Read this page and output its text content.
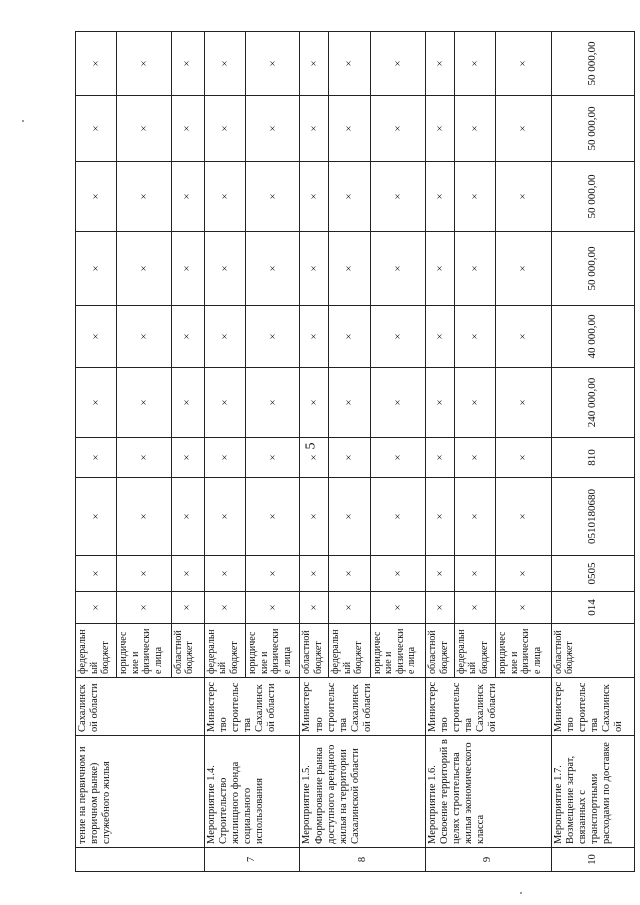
5
	тение на первичном и вторичном рынке) служебного жилья	Сахалинской области	федеральный бюджет	×	×	×	×	×	×	×	×	×	×
			юридические и физические лица	×	×	×	×	×	×	×	×	×	×
			областной бюджет	×	×	×	×	×	×	×	×	×	×
7	Мероприятие 1.4. Строительство жилищного фонда социального использования	Министерство строительства Сахалинской области	федеральный бюджет	×	×	×	×	×	×	×	×	×	×
			юридические и физические лица	×	×	×	×	×	×	×	×	×	×
8	Мероприятие 1.5. Формирование рынка доступного арендного жилья на территории Сахалинской области	Министерство строительства Сахалинской области	областной бюджет	×	×	×	×	×	×	×	×	×	×
			федеральный бюджет	×	×	×	×	×	×	×	×	×	×
			юридические и физические лица	×	×	×	×	×	×	×	×	×	×
9	Мероприятие 1.6. Освоение территорий в целях строительства жилья экономического класса	Министерство строительства Сахалинской области	областной бюджет	×	×	×	×	×	×	×	×	×	×
			федеральный бюджет	×	×	×	×	×	×	×	×	×	×
			юридические и физические лица	×	×	×	×	×	×	×	×	×	×
10	Мероприятие 1.7. Возмещение затрат, связанных с транспортными расходами по доставке	Министерство строительства Сахалинской	областной бюджет	014	0505	0510180680	810	240 000,00	40 000,00	50 000,00	50 000,00	50 000,00	50 000,00
